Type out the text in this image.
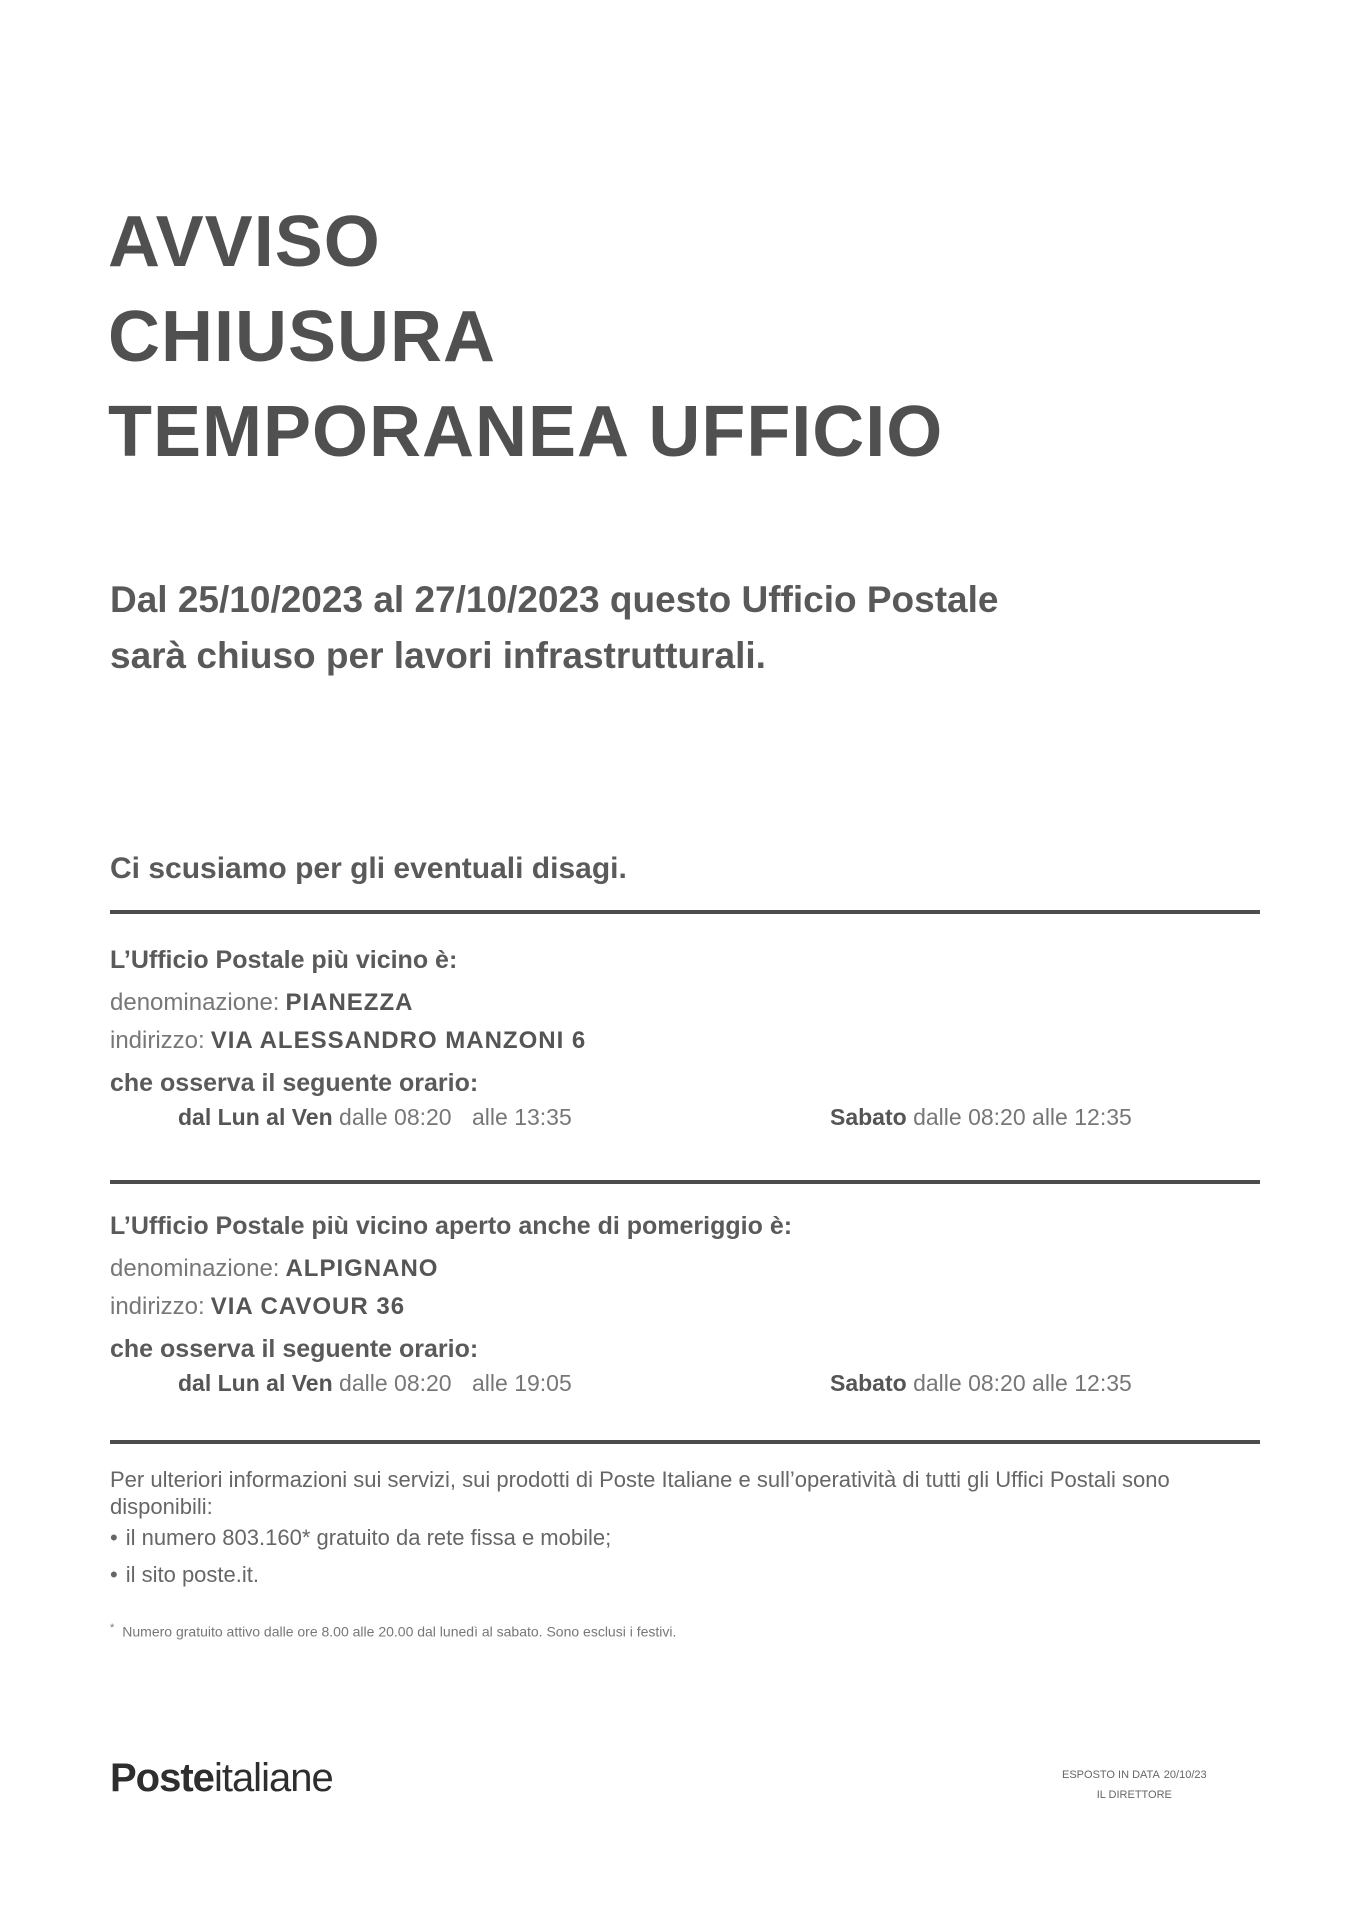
AVVISO
CHIUSURA
TEMPORANEA UFFICIO

Dal 25/10/2023 al 27/10/2023 questo Ufficio Postale
sarà chiuso per lavori infrastrutturali.

Ci scusiamo per gli eventuali disagi.

L’Ufficio Postale più vicino è:

denominazione: PIANEZZA

indirizzo: VIA ALESSANDRO MANZONI 6

che osserva il seguente orario:

dal Lun al Ven dalle 08:20 alle 13:35	Sabato dalle 08:20 alle 12:35

L’Ufficio Postale più vicino aperto anche di pomeriggio è:

denominazione: ALPIGNANO

indirizzo: VIA CAVOUR 36

che osserva il seguente orario:

dal Lun al Ven dalle 08:20 alle 19:05	Sabato dalle 08:20 alle 12:35

Per ulteriori informazioni sui servizi, sui prodotti di Poste Italiane e sull’operatività di tutti gli Uffici Postali sono disponibili:

• il numero 803.160* gratuito da rete fissa e mobile;
• il sito poste.it.
* Numero gratuito attivo dalle ore 8.00 alle 20.00 dal lunedì al sabato. Sono esclusi i festivi.
Posteitaliane	ESPOSTO IN DATA 20/10/23
IL DIRETTORE
